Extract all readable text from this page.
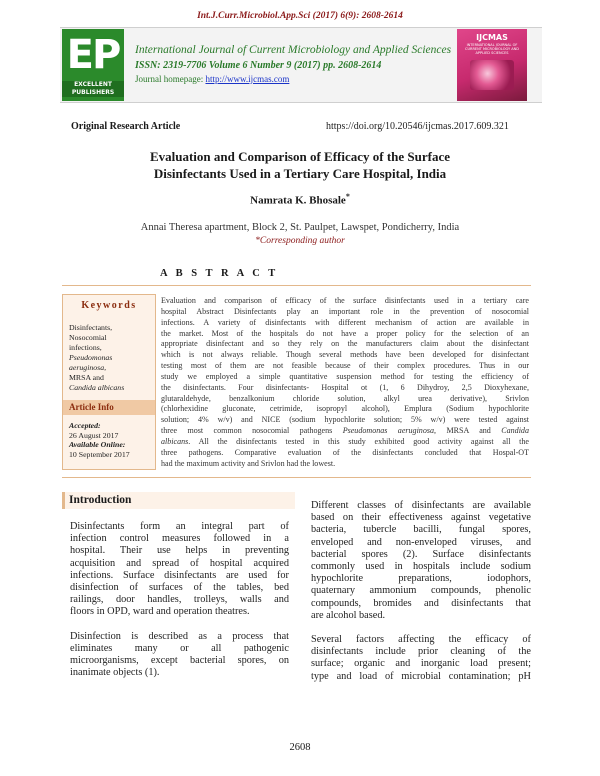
Int.J.Curr.Microbiol.App.Sci (2017) 6(9): 2608-2614
EP
EXCELLENT
PUBLISHERS
International Journal of Current Microbiology and Applied Sciences
ISSN: 2319-7706 Volume 6 Number 9 (2017) pp. 2608-2614
Journal homepage: http://www.ijcmas.com
IJCMAS
INTERNATIONAL JOURNAL OF CURRENT MICROBIOLOGY AND APPLIED SCIENCES
Original Research Article	https://doi.org/10.20546/ijcmas.2017.609.321
Evaluation and Comparison of Efficacy of the Surface
Disinfectants Used in a Tertiary Care Hospital, India
Namrata K. Bhosale*
Annai Theresa apartment, Block 2, St. Paulpet, Lawspet, Pondicherry, India
*Corresponding author
A B S T R A C T
Keywords
Disinfectants,
Nosocomial
infections,
Pseudomonas
aeruginosa,
MRSA and
Candida albicans
Article Info
Accepted:
26 August 2017
Available Online:
10 September 2017
Evaluation and comparison of efficacy of the surface disinfectants used in a tertiary care
hospital Abstract Disinfectants play an important role in the prevention of nosocomial
infections. A variety of disinfectants with different mechanism of action are available in
the market. Most of the hospitals do not have a proper policy for the selection of an
appropriate disinfectant and so they rely on the manufacturers claim about the disinfectant
which is not always reliable. Though several methods have been developed for disinfectant
testing most of them are not feasible because of their complex procedures. Thus in our
study we employed a simple quantitative suspension method for testing the efficiency of
the disinfectants. Four disinfectants- Hospital ot (1, 6 Dihydroy, 2,5 Dioxyhexane,
glutaraldehyde, benzalkonium chloride solution, alkyl urea derivative), Srivlon
(chlorhexidine gluconate, cetrimide, isopropyl alcohol), Emplura (Sodium hypochlorite
solution; 4% w/v) and NICE (sodium hypochlorite solution; 5% w/v) were tested against
three most common nosocomial pathogens Pseudomonas aeruginosa, MRSA and Candida
albicans. All the disinfectants tested in this study exhibited good activity against all the
three pathogens. Comparative evaluation of the disinfectants concluded that Hospal-OT
had the maximum activity and Srivlon had the lowest.
Introduction
Disinfectants form an integral part of
infection control measures followed in a
hospital. Their use helps in preventing
acquisition and spread of hospital acquired
infections. Surface disinfectants are used for
disinfection of surfaces of the tables, bed
railings, door handles, trolleys, walls and
floors in OPD, ward and operation theatres.
Disinfection is described as a process that
eliminates many or all pathogenic
microorganisms, except bacterial spores, on
inanimate objects (1).
Different classes of disinfectants are available
based on their effectiveness against vegetative
bacteria, tubercle bacilli, fungal spores,
enveloped and non-enveloped viruses, and
bacterial spores (2). Surface disinfectants
commonly used in hospitals include sodium
hypochlorite preparations, iodophors,
quaternary ammonium compounds, phenolic
compounds, bromides and disinfectants that
are alcohol based.
Several factors affecting the efficacy of
disinfectants include prior cleaning of the
surface; organic and inorganic load present;
type and load of microbial contamination; pH
2608
